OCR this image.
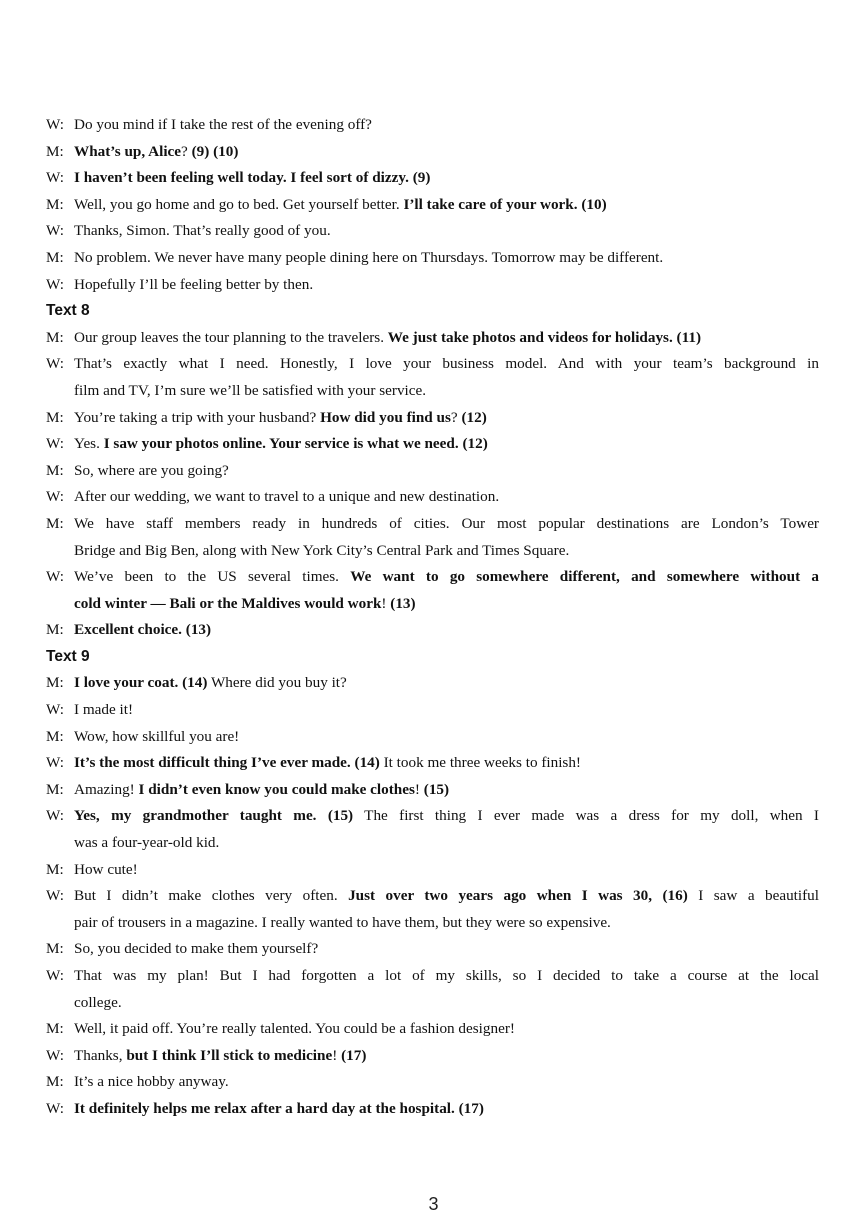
W: Do you mind if I take the rest of the evening off?
M: What’s up, Alice? (9) (10)
W: I haven’t been feeling well today. I feel sort of dizzy. (9)
M: Well, you go home and go to bed. Get yourself better. I’ll take care of your work. (10)
W: Thanks, Simon. That’s really good of you.
M: No problem. We never have many people dining here on Thursdays. Tomorrow may be different.
W: Hopefully I’ll be feeling better by then.
Text 8
M: Our group leaves the tour planning to the travelers. We just take photos and videos for holidays. (11)
W: That’s exactly what I need. Honestly, I love your business model. And with your team’s background in
film and TV, I’m sure we’ll be satisfied with your service.
M: You’re taking a trip with your husband? How did you find us? (12)
W: Yes. I saw your photos online. Your service is what we need. (12)
M: So, where are you going?
W: After our wedding, we want to travel to a unique and new destination.
M: We have staff members ready in hundreds of cities. Our most popular destinations are London’s Tower
Bridge and Big Ben, along with New York City’s Central Park and Times Square.
W: We’ve been to the US several times. We want to go somewhere different, and somewhere without a
cold winter — Bali or the Maldives would work! (13)
M: Excellent choice. (13)
Text 9
M: I love your coat. (14) Where did you buy it?
W: I made it!
M: Wow, how skillful you are!
W: It’s the most difficult thing I’ve ever made. (14) It took me three weeks to finish!
M: Amazing! I didn’t even know you could make clothes! (15)
W: Yes, my grandmother taught me. (15) The first thing I ever made was a dress for my doll, when I
was a four-year-old kid.
M: How cute!
W: But I didn’t make clothes very often. Just over two years ago when I was 30, (16) I saw a beautiful
pair of trousers in a magazine. I really wanted to have them, but they were so expensive.
M: So, you decided to make them yourself?
W: That was my plan! But I had forgotten a lot of my skills, so I decided to take a course at the local
college.
M: Well, it paid off. You’re really talented. You could be a fashion designer!
W: Thanks, but I think I’ll stick to medicine! (17)
M: It’s a nice hobby anyway.
W: It definitely helps me relax after a hard day at the hospital. (17)
3
